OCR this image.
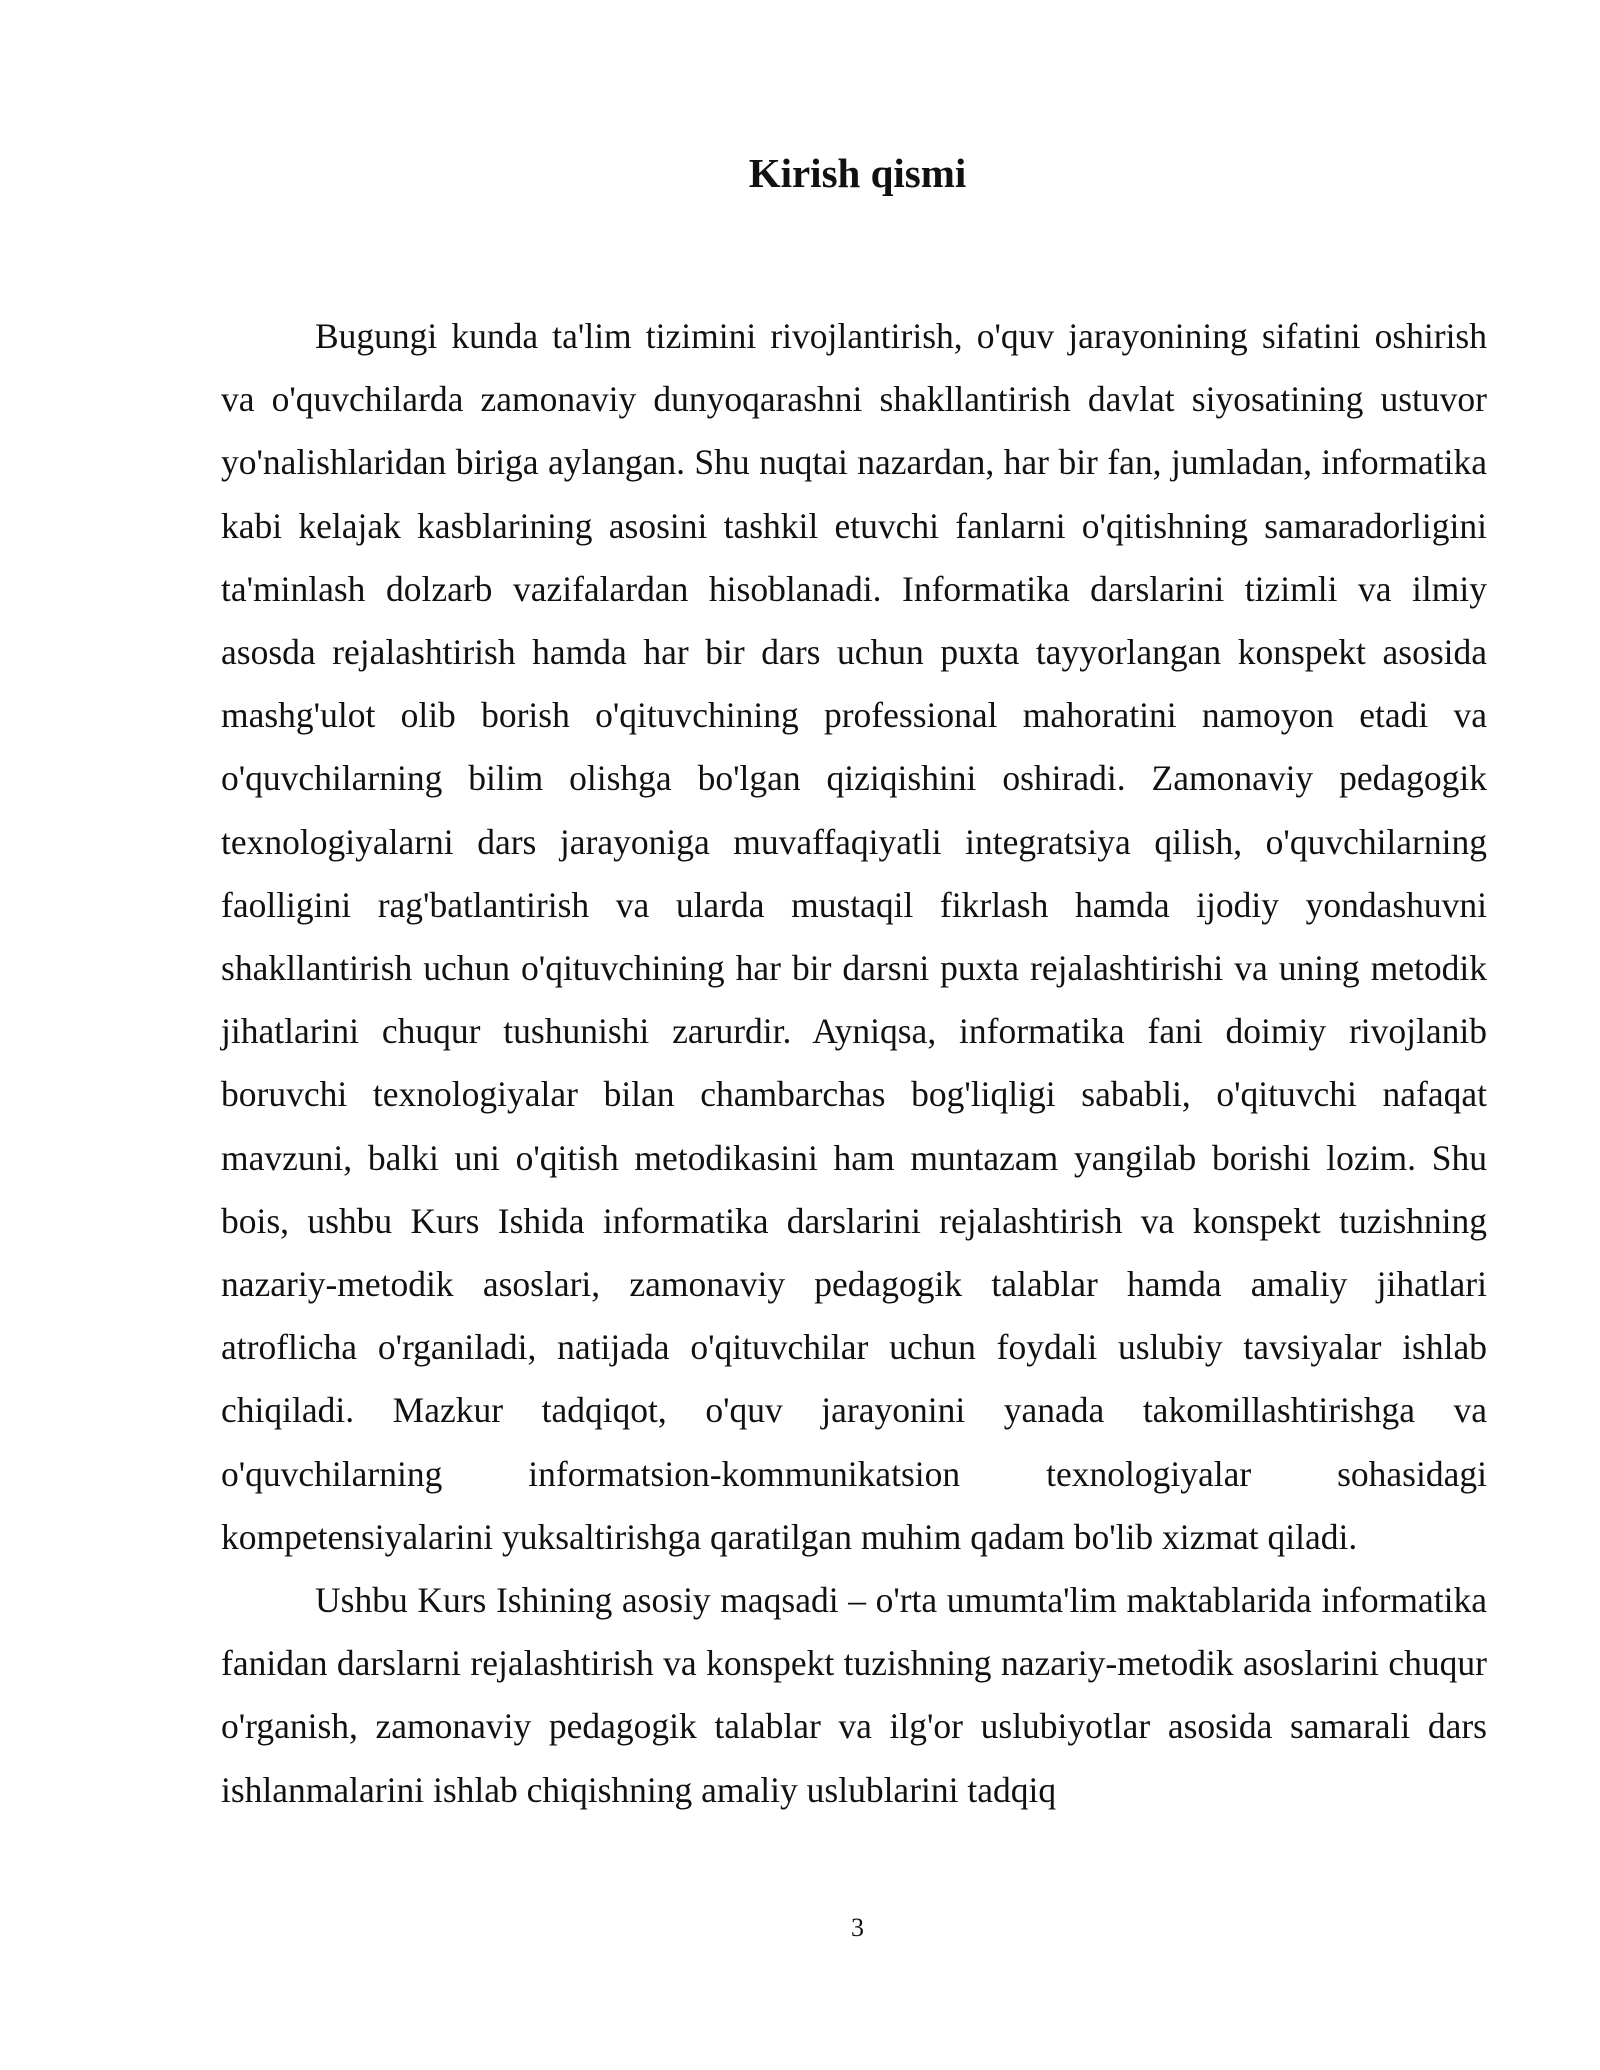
Kirish qismi

Bugungi kunda ta'lim tizimini rivojlantirish, o'quv jarayonining sifatini oshirish va o'quvchilarda zamonaviy dunyoqarashni shakllantirish davlat siyosatining ustuvor yo'nalishlaridan biriga aylangan. Shu nuqtai nazardan, har bir fan, jumladan, informatika kabi kelajak kasblarining asosini tashkil etuvchi fanlarni o'qitishning samaradorligini ta'minlash dolzarb vazifalardan hisoblanadi. Informatika darslarini tizimli va ilmiy asosda rejalashtirish hamda har bir dars uchun puxta tayyorlangan konspekt asosida mashg'ulot olib borish o'qituvchining professional mahoratini namoyon etadi va o'quvchilarning bilim olishga bo'lgan qiziqishini oshiradi. Zamonaviy pedagogik texnologiyalarni dars jarayoniga muvaffaqiyatli integratsiya qilish, o'quvchilarning faolligini rag'batlantirish va ularda mustaqil fikrlash hamda ijodiy yondashuvni shakllantirish uchun o'qituvchining har bir darsni puxta rejalashtirishi va uning metodik jihatlarini chuqur tushunishi zarurdir. Ayniqsa, informatika fani doimiy rivojlanib boruvchi texnologiyalar bilan chambarchas bog'liqligi sababli, o'qituvchi nafaqat mavzuni, balki uni o'qitish metodikasini ham muntazam yangilab borishi lozim. Shu bois, ushbu Kurs Ishida informatika darslarini rejalashtirish va konspekt tuzishning nazariy-metodik asoslari, zamonaviy pedagogik talablar hamda amaliy jihatlari atroflicha o'rganiladi, natijada o'qituvchilar uchun foydali uslubiy tavsiyalar ishlab chiqiladi. Mazkur tadqiqot, o'quv jarayonini yanada takomillashtirishga va o'quvchilarning informatsion-kommunikatsion texnologiyalar sohasidagi kompetensiyalarini yuksaltirishga qaratilgan muhim qadam bo'lib xizmat qiladi.

Ushbu Kurs Ishining asosiy maqsadi – o'rta umumta'lim maktablarida informatika fanidan darslarni rejalashtirish va konspekt tuzishning nazariy-metodik asoslarini chuqur o'rganish, zamonaviy pedagogik talablar va ilg'or uslubiyotlar asosida samarali dars ishlanmalarini ishlab chiqishning amaliy uslublarini tadqiq

3
